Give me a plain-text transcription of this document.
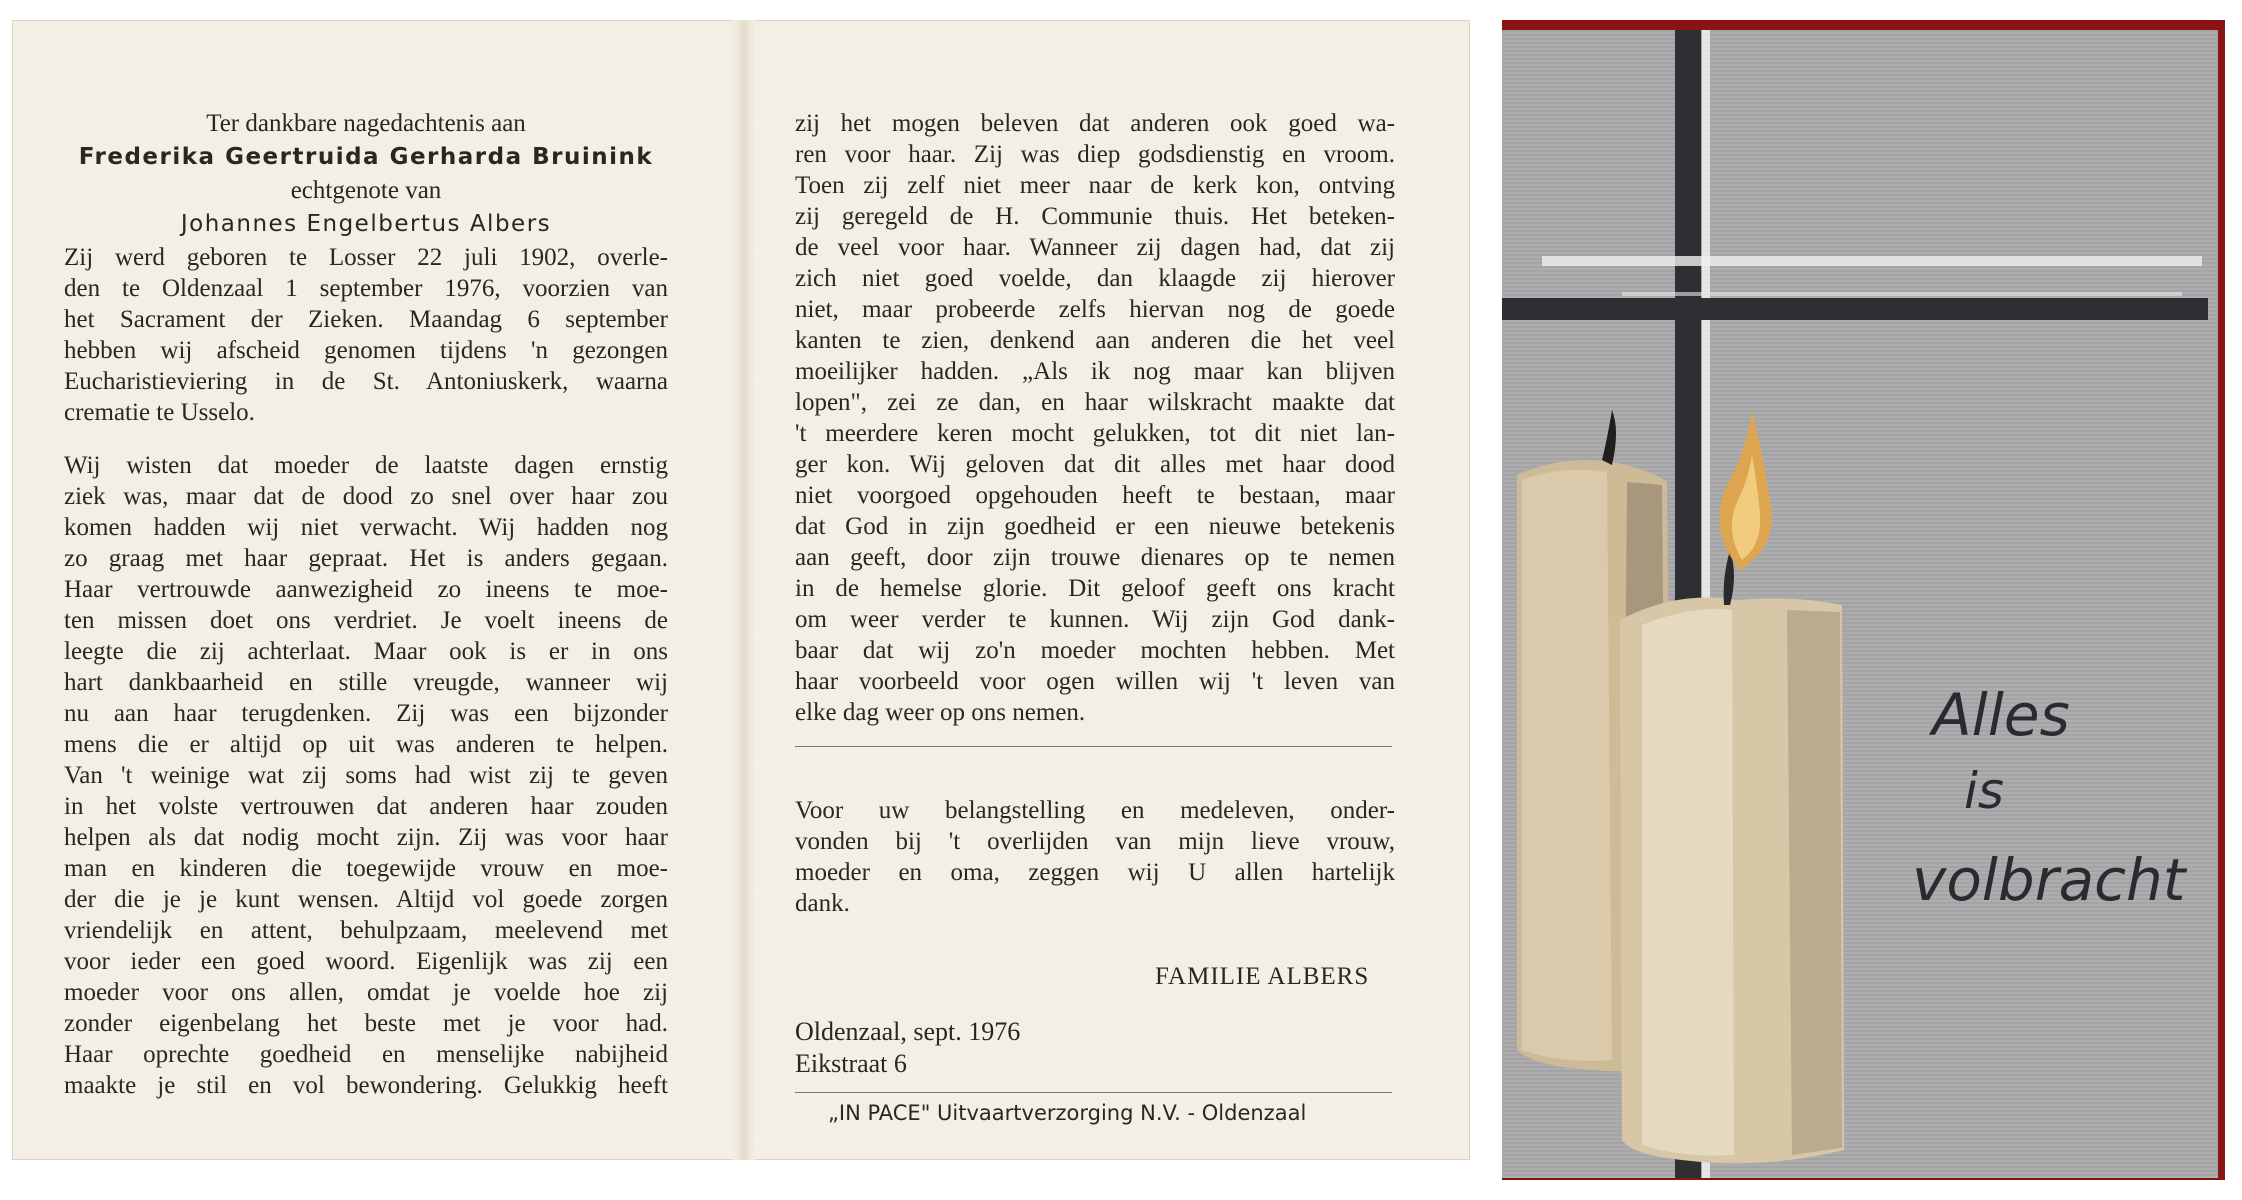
Ter dankbare nagedachtenis aan
Frederika Geertruida Gerharda Bruinink
echtgenote van
Johannes Engelbertus Albers
Zij werd geboren te Losser 22 juli 1902, overle-
den te Oldenzaal 1 september 1976, voorzien van
het Sacrament der Zieken. Maandag 6 september
hebben wij afscheid genomen tijdens 'n gezongen
Eucharistieviering in de St. Antoniuskerk, waarna
crematie te Usselo.
Wij wisten dat moeder de laatste dagen ernstig
ziek was, maar dat de dood zo snel over haar zou
komen hadden wij niet verwacht. Wij hadden nog
zo graag met haar gepraat. Het is anders gegaan.
Haar vertrouwde aanwezigheid zo ineens te moe-
ten missen doet ons verdriet. Je voelt ineens de
leegte die zij achterlaat. Maar ook is er in ons
hart dankbaarheid en stille vreugde, wanneer wij
nu aan haar terugdenken. Zij was een bijzonder
mens die er altijd op uit was anderen te helpen.
Van 't weinige wat zij soms had wist zij te geven
in het volste vertrouwen dat anderen haar zouden
helpen als dat nodig mocht zijn. Zij was voor haar
man en kinderen die toegewijde vrouw en moe-
der die je je kunt wensen. Altijd vol goede zorgen
vriendelijk en attent, behulpzaam, meelevend met
voor ieder een goed woord. Eigenlijk was zij een
moeder voor ons allen, omdat je voelde hoe zij
zonder eigenbelang het beste met je voor had.
Haar oprechte goedheid en menselijke nabijheid
maakte je stil en vol bewondering. Gelukkig heeft
zij het mogen beleven dat anderen ook goed wa-
ren voor haar. Zij was diep godsdienstig en vroom.
Toen zij zelf niet meer naar de kerk kon, ontving
zij geregeld de H. Communie thuis. Het beteken-
de veel voor haar. Wanneer zij dagen had, dat zij
zich niet goed voelde, dan klaagde zij hierover
niet, maar probeerde zelfs hiervan nog de goede
kanten te zien, denkend aan anderen die het veel
moeilijker hadden. „Als ik nog maar kan blijven
lopen", zei ze dan, en haar wilskracht maakte dat
't meerdere keren mocht gelukken, tot dit niet lan-
ger kon. Wij geloven dat dit alles met haar dood
niet voorgoed opgehouden heeft te bestaan, maar
dat God in zijn goedheid er een nieuwe betekenis
aan geeft, door zijn trouwe dienares op te nemen
in de hemelse glorie. Dit geloof geeft ons kracht
om weer verder te kunnen. Wij zijn God dank-
baar dat wij zo'n moeder mochten hebben. Met
haar voorbeeld voor ogen willen wij 't leven van
elke dag weer op ons nemen.
Voor uw belangstelling en medeleven, onder-
vonden bij 't overlijden van mijn lieve vrouw,
moeder en oma, zeggen wij U allen hartelijk
dank.
FAMILIE ALBERS
Oldenzaal, sept. 1976
Eikstraat 6
„IN PACE" Uitvaartverzorging N.V. - Oldenzaal
Alles
is
volbracht
